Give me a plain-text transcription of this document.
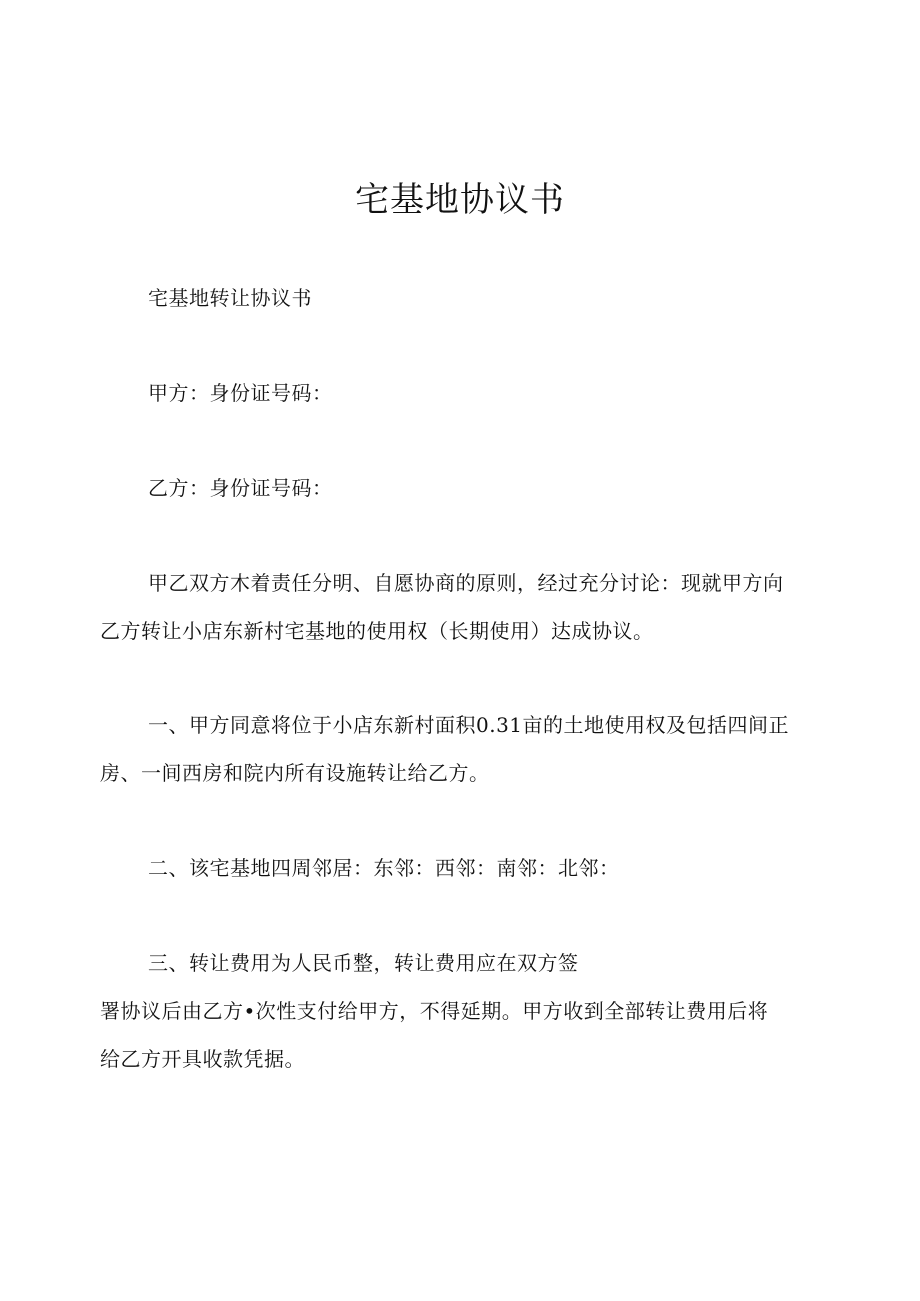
宅基地协议书

宅基地转让协议书

甲方：身份证号码：

乙方：身份证号码：

甲乙双方木着责任分明、自愿协商的原则，经过充分讨论：现就甲方向
乙方转让小店东新村宅基地的使用权（长期使用）达成协议。

一、甲方同意将位于小店东新村面积0.31亩的土地使用权及包括四间正
房、一间西房和院内所有设施转让给乙方。

二、该宅基地四周邻居：东邻：西邻：南邻：北邻：

三、转让费用为人民币整，转让费用应在双方签
署协议后由乙方•次性支付给甲方，不得延期。甲方收到全部转让费用后将
给乙方开具收款凭据。
